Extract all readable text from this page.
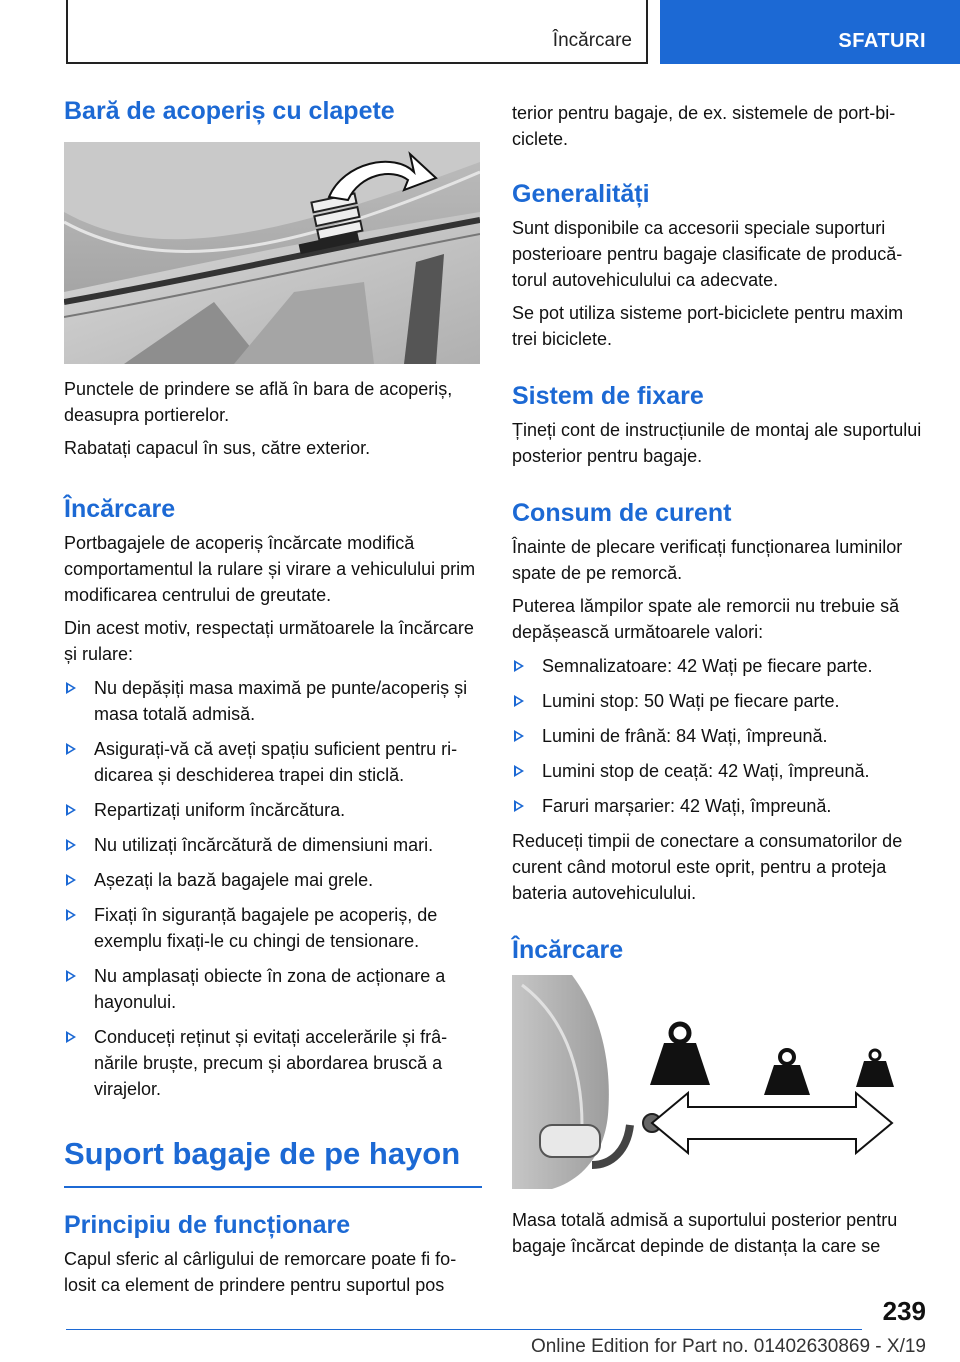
Încărcare	SFATURI
Bară de acoperiș cu clapete

Punctele de prindere se află în bara de acoperiș, deasupra portierelor.

Rabatați capacul în sus, către exterior.

Încărcare

Portbagajele de acoperiș încărcate modifică comportamentul la rulare și virare a vehiculului prim modificarea centrului de greutate.

Din acest motiv, respectați următoarele la încărcare și rulare:

Nu depășiți masa maximă pe punte/acoperiș și masa totală admisă.
Asigurați-vă că aveți spațiu suficient pentru ridicarea și deschiderea trapei din sticlă.
Repartizați uniform încărcătura.
Nu utilizați încărcătură de dimensiuni mari.
Așezați la bază bagajele mai grele.
Fixați în siguranță bagajele pe acoperiș, de exemplu fixați-le cu chingi de tensionare.
Nu amplasați obiecte în zona de acționare a hayonului.
Conduceți reținut și evitați accelerările și frânările bruște, precum și abordarea bruscă a virajelor.
Suport bagaje de pe hayon
Principiu de funcționare

Capul sferic al cârligului de remorcare poate fi folosit ca element de prindere pentru suportul pos

terior pentru bagaje, de ex. sistemele de port-biciclete.

Generalități

Sunt disponibile ca accesorii speciale suporturi posterioare pentru bagaje clasificate de producătorul autovehiculului ca adecvate.

Se pot utiliza sisteme port-biciclete pentru maxim trei biciclete.

Sistem de fixare

Țineți cont de instrucțiunile de montaj ale suportului posterior pentru bagaje.

Consum de curent

Înainte de plecare verificați funcționarea luminilor spate de pe remorcă.

Puterea lămpilor spate ale remorcii nu trebuie să depășească următoarele valori:

Semnalizatoare: 42 Wați pe fiecare parte.
Lumini stop: 50 Wați pe fiecare parte.
Lumini de frână: 84 Wați, împreună.
Lumini stop de ceață: 42 Wați, împreună.
Faruri marșarier: 42 Wați, împreună.

Reduceți timpii de conectare a consumatorilor de curent când motorul este oprit, pentru a proteja bateria autovehiculului.

Încărcare

Masa totală admisă a suportului posterior pentru bagaje încărcat depinde de distanța la care se

239
Online Edition for Part no. 01402630869 - X/19
